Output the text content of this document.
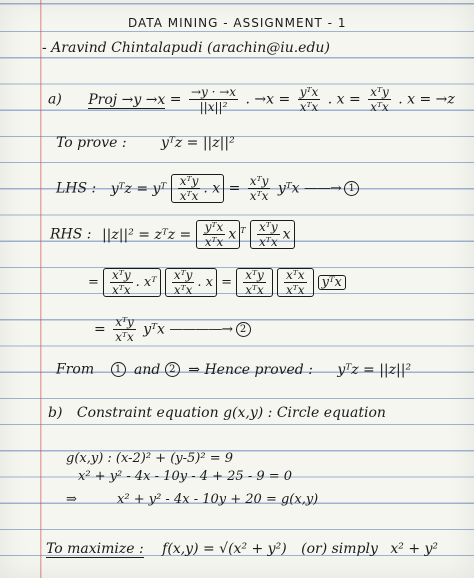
DATA MINING - ASSIGNMENT - 1
- Aravind Chintalapudi (arachin@iu.edu)
a) Proj $\to y \to x = \frac{\to y \cdot \to x}{\text{||x||²}}$ . $\to x = \frac{\text{yᵀx}}{\text{xᵀx}}$ . $x = \frac{\text{xᵀy}}{\text{xᵀx}}$ . x = →z
To prove : yᵀz = ||z||²
LHS : yᵀz = yᵀ $\frac{\text{xᵀy}}{\text{xᵀx}}$ . $x = \frac{\text{xᵀy}}{\text{xᵀx}}$ yᵀx ——→ 1
RHS : ||z||² = zᵀz = $\frac{\text{yᵀx}}{\text{xᵀx}}$ x $^T \frac{\text{xᵀy}}{\text{xᵀx}}$ x
= $\frac{\text{xᵀy}}{\text{xᵀx}}$ . xᵀ $\frac{\text{xᵀy}}{\text{xᵀx}}$ . $x = \frac{\text{xᵀy}}{\text{xᵀx}}$
$\frac{\text{xᵀx}}{\text{xᵀx}}$ yᵀx
= $\frac{\text{xᵀy}}{\text{xᵀx}}$ yᵀx ————→ 2
From 1 and 2 ⇒ Hence proved : yᵀz = ||z||²
b) Constraint equation g(x,y) : Circle equation
g(x,y) : (x-2)² + (y-5)² = 9
x² + y² - 4x - 10y - 4 + 25 - 9 = 0
⇒	x² + y² - 4x - 10y + 20 = g(x,y)
To maximize : f(x,y) = √(x² + y²) (or) simply x² + y²
